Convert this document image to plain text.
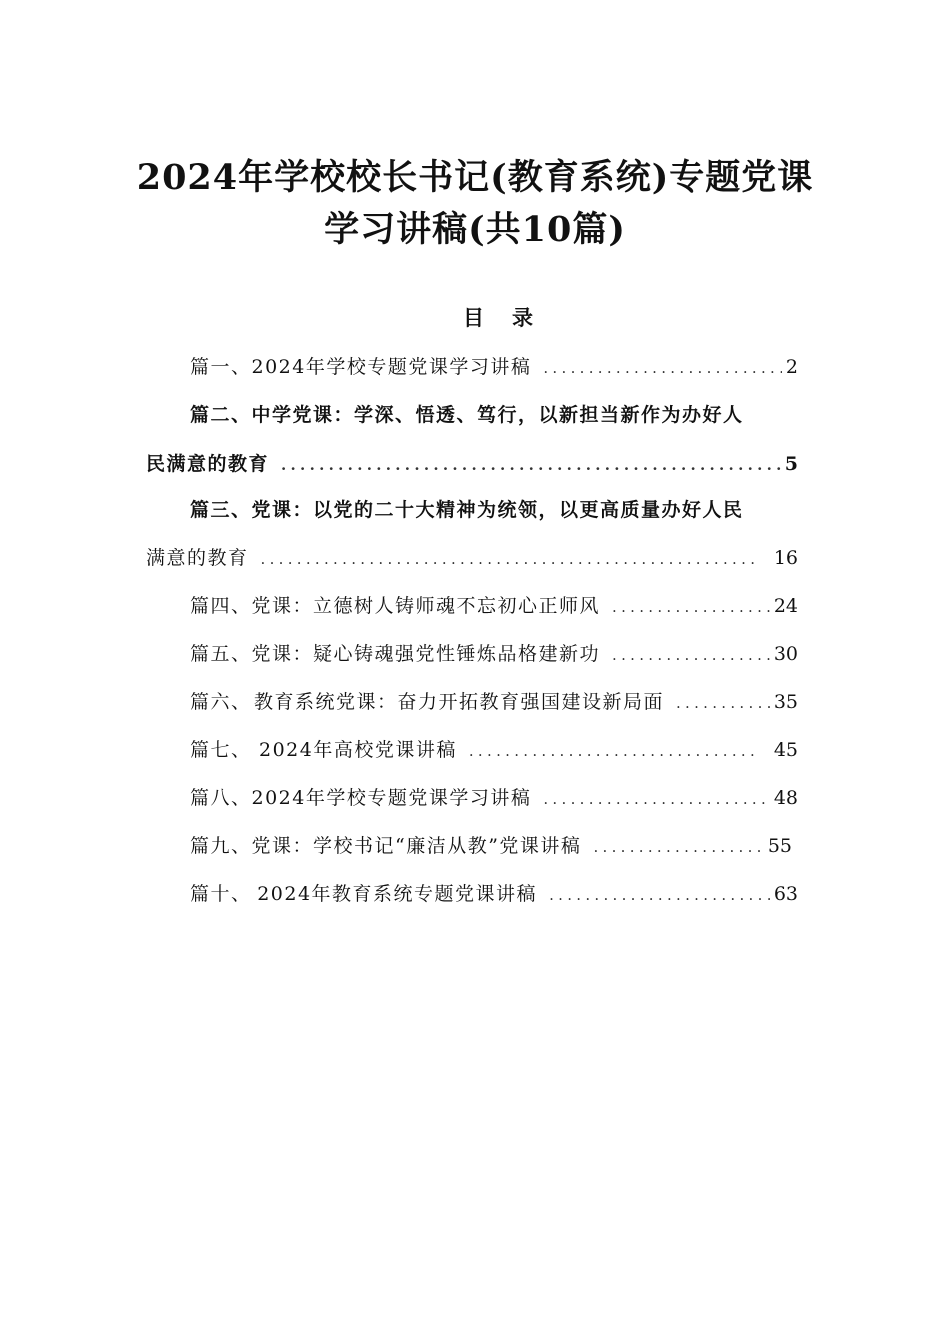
2024年学校校长书记(教育系统)专题党课
学习讲稿(共10篇)
目 录
篇一、2024年学校专题党课学习讲稿 .....	2
篇二、中学党课：学深、悟透、笃行，以新担当新作为办好人
民满意的教育 .....	5
篇三、党课：以党的二十大精神为统领，以更高质量办好人民
满意的教育 .....	16
篇四、党课：立德树人铸师魂不忘初心正师风 .....	24
篇五、党课：疑心铸魂强党性锤炼品格建新功 .....	30
篇六、 教育系统党课：奋力开拓教育强国建设新局面 .....	35
篇七、 2024年高校党课讲稿 .....	45
篇八、2024年学校专题党课学习讲稿 .....	48
篇九、党课：学校书记“廉洁从教”党课讲稿 .....	55
篇十、 2024年教育系统专题党课讲稿 .....	63
